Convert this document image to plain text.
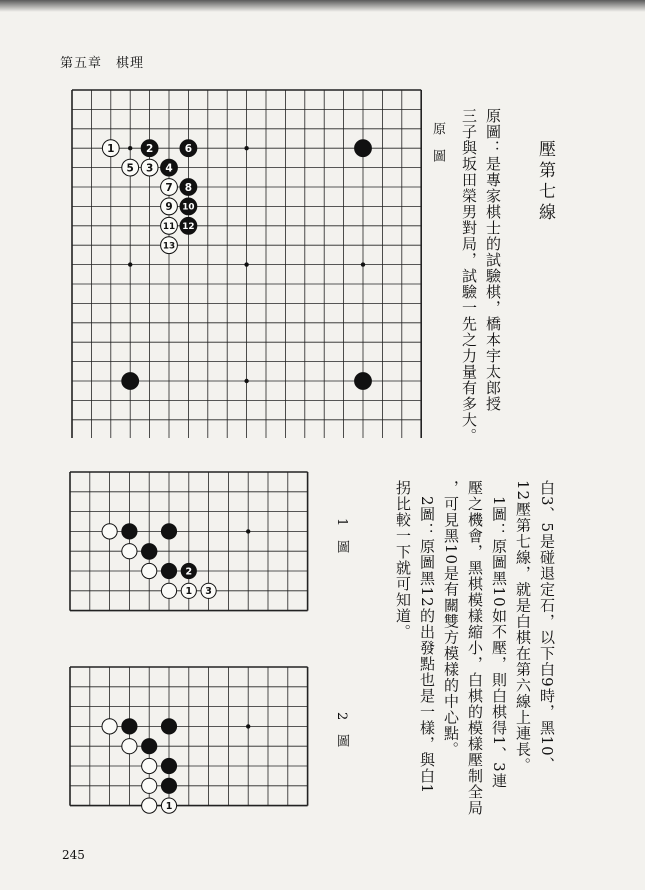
第五章　棋理
1	2	6
5 3 4
7 8
9 10
11 12
13
2
1 3
1
原圖
1圖
2圖
壓第七線
原圖：是專家棋士的試驗棋，橋本宇太郎授
三子與坂田榮男對局，試驗一先之力量有多大。
白3、5是碰退定石，以下白9時，黑10、
12壓第七線，就是白棋在第六線上連長。
　1圖：原圖黑10如不壓，則白棋得1、3連
壓之機會，黑棋模樣縮小，白棋的模樣壓制全局
，可見黑10是有關雙方模樣的中心點。
　2圖：原圖黑12的出發點也是一樣，與白1
拐比較一下就可知道。
245
